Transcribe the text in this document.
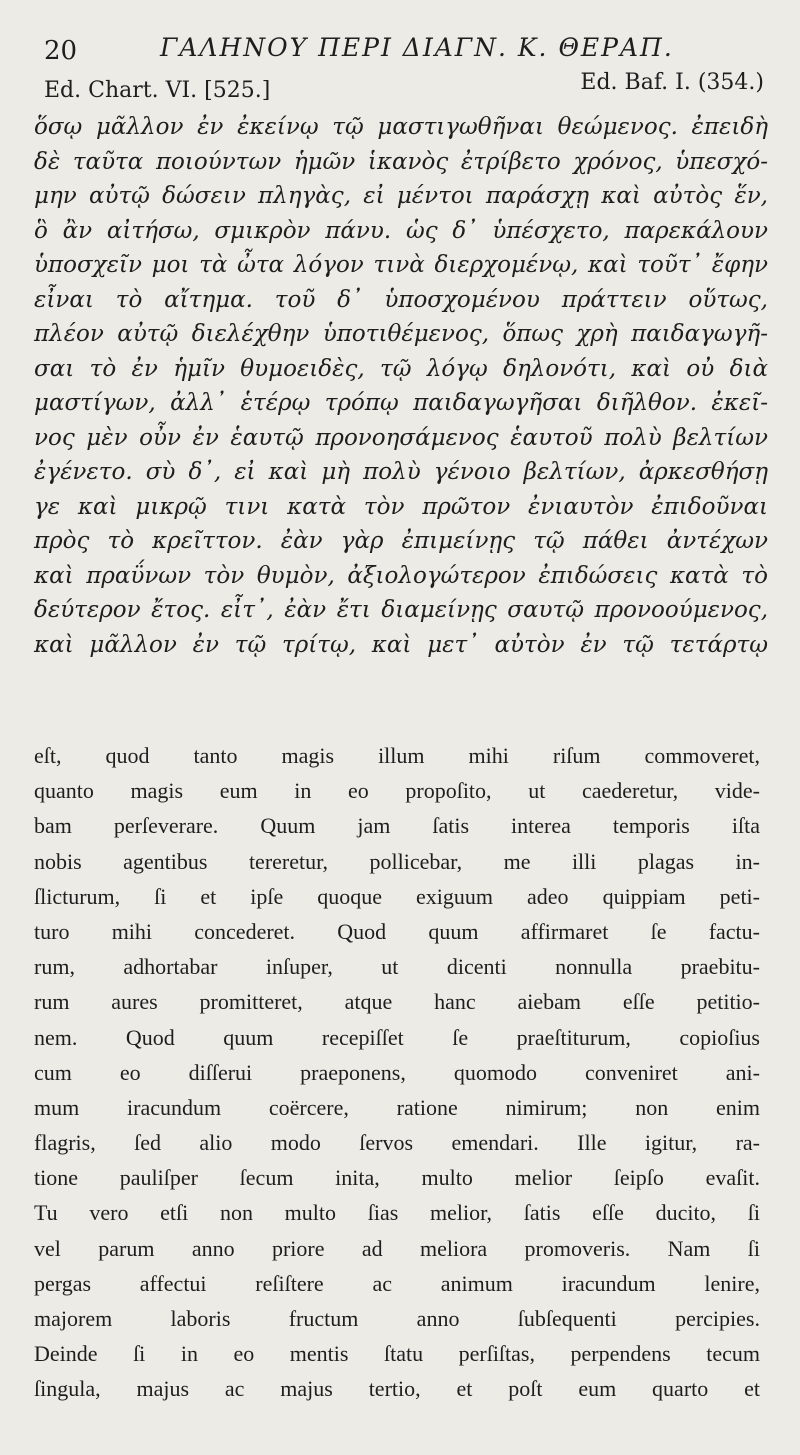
20	ΓΑΛΗΝΟΥ ΠΕΡΙ ΔΙΑΓΝ. Κ. ΘΕΡΑΠ.
Ed. Chart. VI. [525.]	Ed. Baf. I. (354.)
ὅσῳ μᾶλλον ἐν ἐκείνῳ τῷ μαστιγωθῆναι θεώμενος. ἐπειδὴ
δὲ ταῦτα ποιούντων ἡμῶν ἱκανὸς ἐτρίβετο χρόνος, ὑπεσχό-
μην αὐτῷ δώσειν πληγὰς, εἰ μέντοι παράσχῃ καὶ αὐτὸς ἕν,
ὃ ἂν αἰτήσω, σμικρὸν πάνυ. ὡς δ᾽ ὑπέσχετο, παρεκάλουν
ὑποσχεῖν μοι τὰ ὦτα λόγον τινὰ διερχομένῳ, καὶ τοῦτ᾽ ἔφην
εἶναι τὸ αἴτημα. τοῦ δ᾽ ὑποσχομένου πράττειν οὕτως,
πλέον αὐτῷ διελέχθην ὑποτιθέμενος, ὅπως χρὴ παιδαγωγῆ-
σαι τὸ ἐν ἡμῖν θυμοειδὲς, τῷ λόγῳ δηλονότι, καὶ οὐ διὰ
μαστίγων, ἀλλ᾽ ἑτέρῳ τρόπῳ παιδαγωγῆσαι διῆλθον. ἐκεῖ-
νος μὲν οὖν ἐν ἑαυτῷ προνοησάμενος ἑαυτοῦ πολὺ βελτίων
ἐγένετο. σὺ δ᾽, εἰ καὶ μὴ πολὺ γένοιο βελτίων, ἀρκεσθήσῃ
γε καὶ μικρῷ τινι κατὰ τὸν πρῶτον ἐνιαυτὸν ἐπιδοῦναι
πρὸς τὸ κρεῖττον. ἐὰν γὰρ ἐπιμείνῃς τῷ πάθει ἀντέχων
καὶ πραΰνων τὸν θυμὸν, ἀξιολογώτερον ἐπιδώσεις κατὰ τὸ
δεύτερον ἔτος. εἶτ᾽, ἐὰν ἔτι διαμείνῃς σαυτῷ προνοούμενος,
καὶ μᾶλλον ἐν τῷ τρίτῳ, καὶ μετ᾽ αὐτὸν ἐν τῷ τετάρτῳ
eſt, quod tanto magis illum mihi riſum commoveret,
quanto magis eum in eo propoſito, ut caederetur, vide-
bam perſeverare. Quum jam ſatis interea temporis iſta
nobis agentibus tereretur, pollicebar, me illi plagas in-
ſlicturum, ſi et ipſe quoque exiguum adeo quippiam peti-
turo mihi concederet. Quod quum affirmaret ſe factu-
rum, adhortabar inſuper, ut dicenti nonnulla praebitu-
rum aures promitteret, atque hanc aiebam eſſe petitio-
nem. Quod quum recepiſſet ſe praeſtiturum, copioſius
cum eo diſſerui praeponens, quomodo conveniret ani-
mum iracundum coërcere, ratione nimirum; non enim
flagris, ſed alio modo ſervos emendari. Ille igitur, ra-
tione pauliſper ſecum inita, multo melior ſeipſo evaſit.
Tu vero etſi non multo ſias melior, ſatis eſſe ducito, ſi
vel parum anno priore ad meliora promoveris. Nam ſi
pergas affectui reſiſtere ac animum iracundum lenire,
majorem laboris fructum anno ſubſequenti percipies.
Deinde ſi in eo mentis ſtatu perſiſtas, perpendens tecum
ſingula, majus ac majus tertio, et poſt eum quarto et
